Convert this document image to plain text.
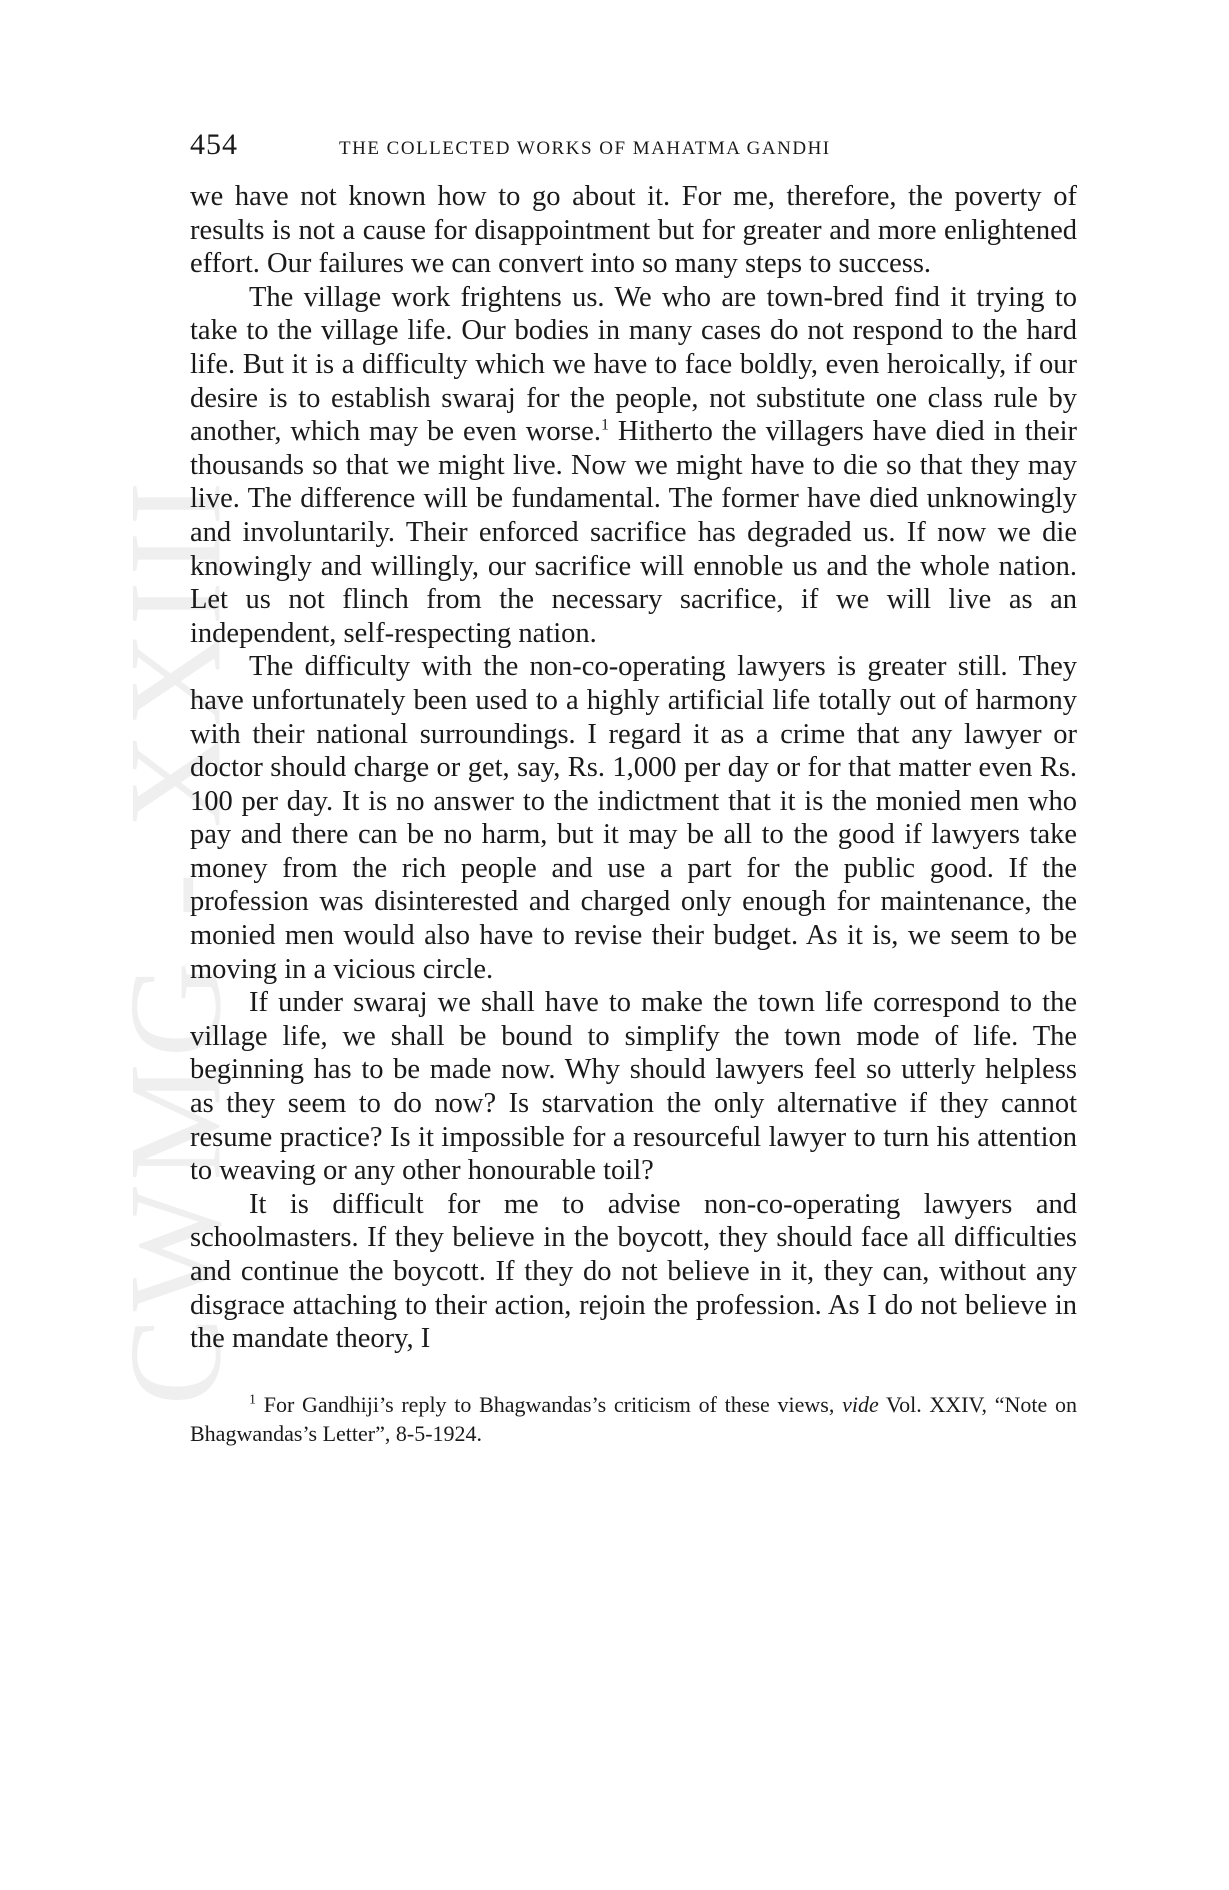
CWMG - XXIII
454	THE COLLECTED WORKS OF MAHATMA GANDHI

we have not known how to go about it. For me, therefore, the poverty of results is not a cause for disappointment but for greater and more enlightened effort. Our failures we can convert into so many steps to success.

The village work frightens us. We who are town-bred find it trying to take to the village life. Our bodies in many cases do not respond to the hard life. But it is a difficulty which we have to face boldly, even heroically, if our desire is to establish swaraj for the people, not substitute one class rule by another, which may be even worse.$^1$ Hitherto the villagers have died in their thousands so that we might live. Now we might have to die so that they may live. The difference will be fundamental. The former have died unknowingly and involuntarily. Their enforced sacrifice has degraded us. If now we die knowingly and willingly, our sacrifice will ennoble us and the whole nation. Let us not flinch from the necessary sacrifice, if we will live as an independent, self-respecting nation.

The difficulty with the non-co-operating lawyers is greater still. They have unfortunately been used to a highly artificial life totally out of harmony with their national surroundings. I regard it as a crime that any lawyer or doctor should charge or get, say, Rs. 1,000 per day or for that matter even Rs. 100 per day. It is no answer to the indictment that it is the monied men who pay and there can be no harm, but it may be all to the good if lawyers take money from the rich people and use a part for the public good. If the profession was disinterested and charged only enough for maintenance, the monied men would also have to revise their budget. As it is, we seem to be moving in a vicious circle.

If under swaraj we shall have to make the town life correspond to the village life, we shall be bound to simplify the town mode of life. The beginning has to be made now. Why should lawyers feel so utterly helpless as they seem to do now? Is starvation the only alternative if they cannot resume practice? Is it impossible for a resourceful lawyer to turn his attention to weaving or any other honourable toil?

It is difficult for me to advise non-co-operating lawyers and schoolmasters. If they believe in the boycott, they should face all difficulties and continue the boycott. If they do not believe in it, they can, without any disgrace attaching to their action, rejoin the profession. As I do not believe in the mandate theory, I

$^1$ For Gandhiji’s reply to Bhagwandas’s criticism of these views, vide Vol. XXIV, “Note on Bhagwandas’s Letter”, 8-5-1924.
